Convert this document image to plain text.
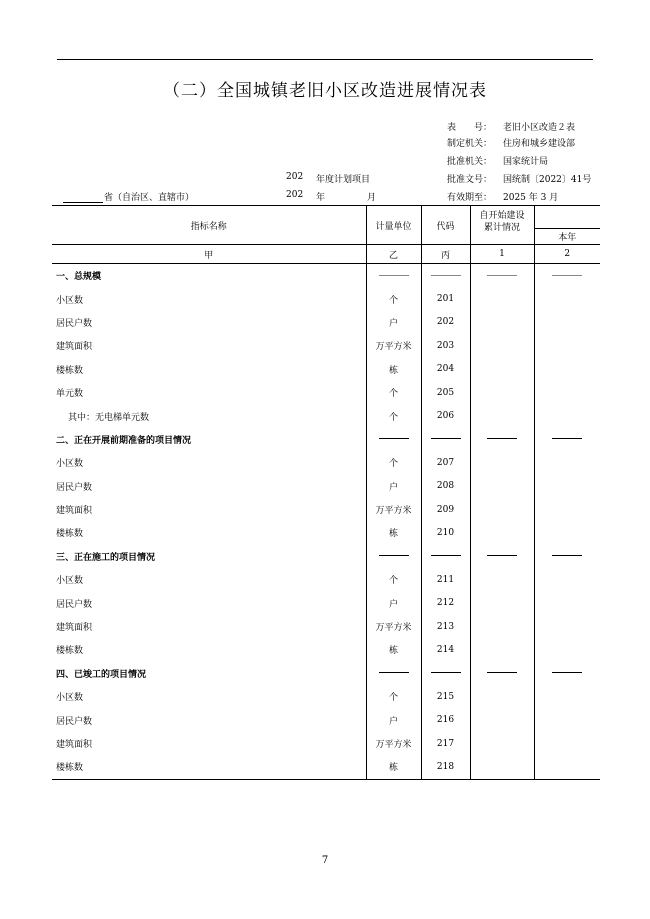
（二）全国城镇老旧小区改造进展情况表
表　　号： 老旧小区改造２表
制定机关： 住房和城乡建设部
批准机关： 国家统计局
批准文号： 国统制〔2022〕41号
有效期至： 2025 年 3 月
202 年度计划项目
202 年	月
省（自治区、直辖市）
指标名称	计量单位	代码	自开始建设
累计情况	
				本年
甲	乙	丙	1	2
一、总规模				
小区数	个	201		
居民户数	户	202		
建筑面积	万平方米	203		
楼栋数	栋	204		
单元数	个	205		
其中：无电梯单元数	个	206		
二、正在开展前期准备的项目情况				
小区数	个	207		
居民户数	户	208		
建筑面积	万平方米	209		
楼栋数	栋	210		
三、正在施工的项目情况				
小区数	个	211		
居民户数	户	212		
建筑面积	万平方米	213		
楼栋数	栋	214		
四、已竣工的项目情况				
小区数	个	215		
居民户数	户	216		
建筑面积	万平方米	217		
楼栋数	栋	218		
7
